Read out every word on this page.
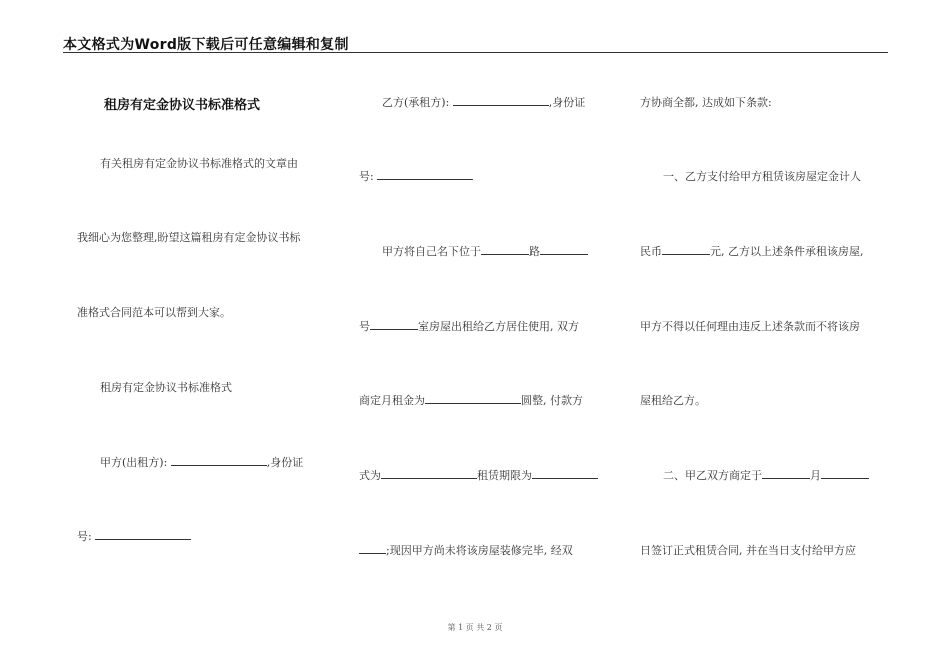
本文格式为Word版下载后可任意编辑和复制
租房有定金协议书标准格式
有关租房有定金协议书标准格式的文章由
我细心为您整理,盼望这篇租房有定金协议书标
准格式合同范本可以帮到大家。
租房有定金协议书标准格式
甲方(出租方):	,身份证
号:
乙方(承租方):	,身份证
号:
甲方将自己名下位于	路
号	室房屋出租给乙方居住使用, 双方
商定月租金为	圆整, 付款方
式为	租赁期限为
;现因甲方尚未将该房屋装修完毕, 经双
方协商全都, 达成如下条款:
一、乙方支付给甲方租赁该房屋定金计人
民币	元, 乙方以上述条件承租该房屋,
甲方不得以任何理由违反上述条款而不将该房
屋租给乙方。
二、甲乙双方商定于	月
日签订正式租赁合同, 并在当日支付给甲方应
第 1 页 共 2 页
